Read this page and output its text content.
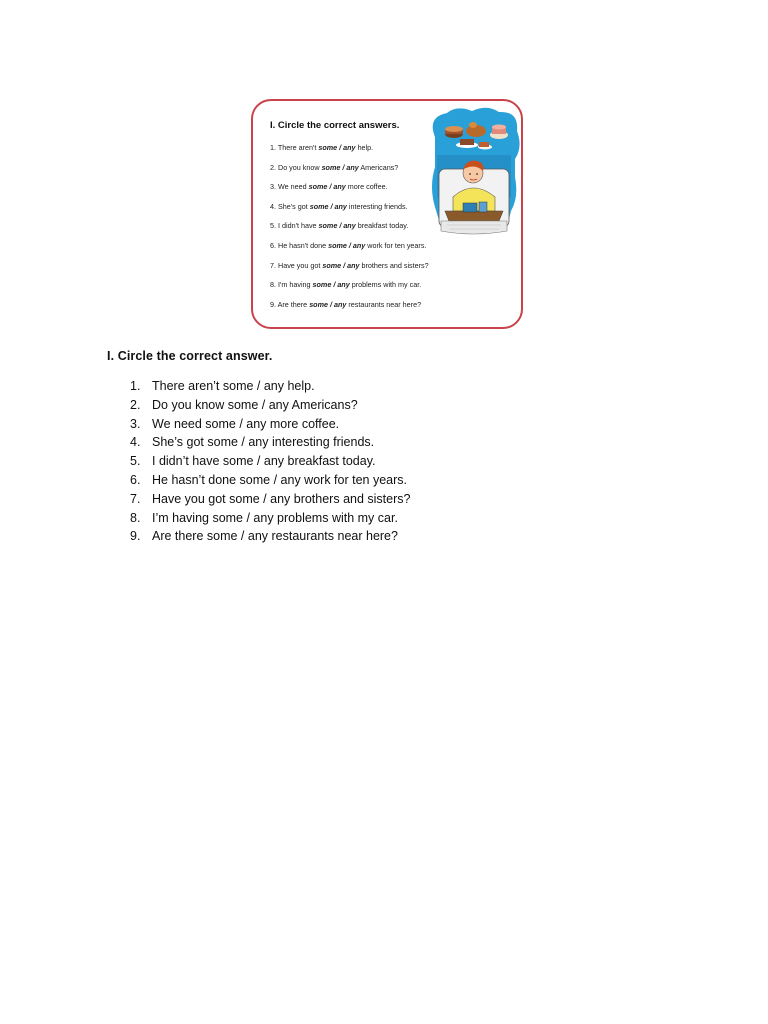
I. Circle the correct answers.
1. There aren't some / any help.
2. Do you know some / any Americans?
3. We need some / any more coffee.
4. She's got some / any interesting friends.
5. I didn't have some / any breakfast today.
6. He hasn't done some / any work for ten years.
7. Have you got some / any brothers and sisters?
8. I'm having some / any problems with my car.
9. Are there some / any restaurants near here?
I. Circle the correct answer.
1. There aren’t some / any help.
2. Do you know some / any Americans?
3. We need some / any more coffee.
4. She’s got some / any interesting friends.
5. I didn’t have some / any breakfast today.
6. He hasn’t done some / any work for ten years.
7. Have you got some / any brothers and sisters?
8. I’m having some / any problems with my car.
9. Are there some / any restaurants near here?
